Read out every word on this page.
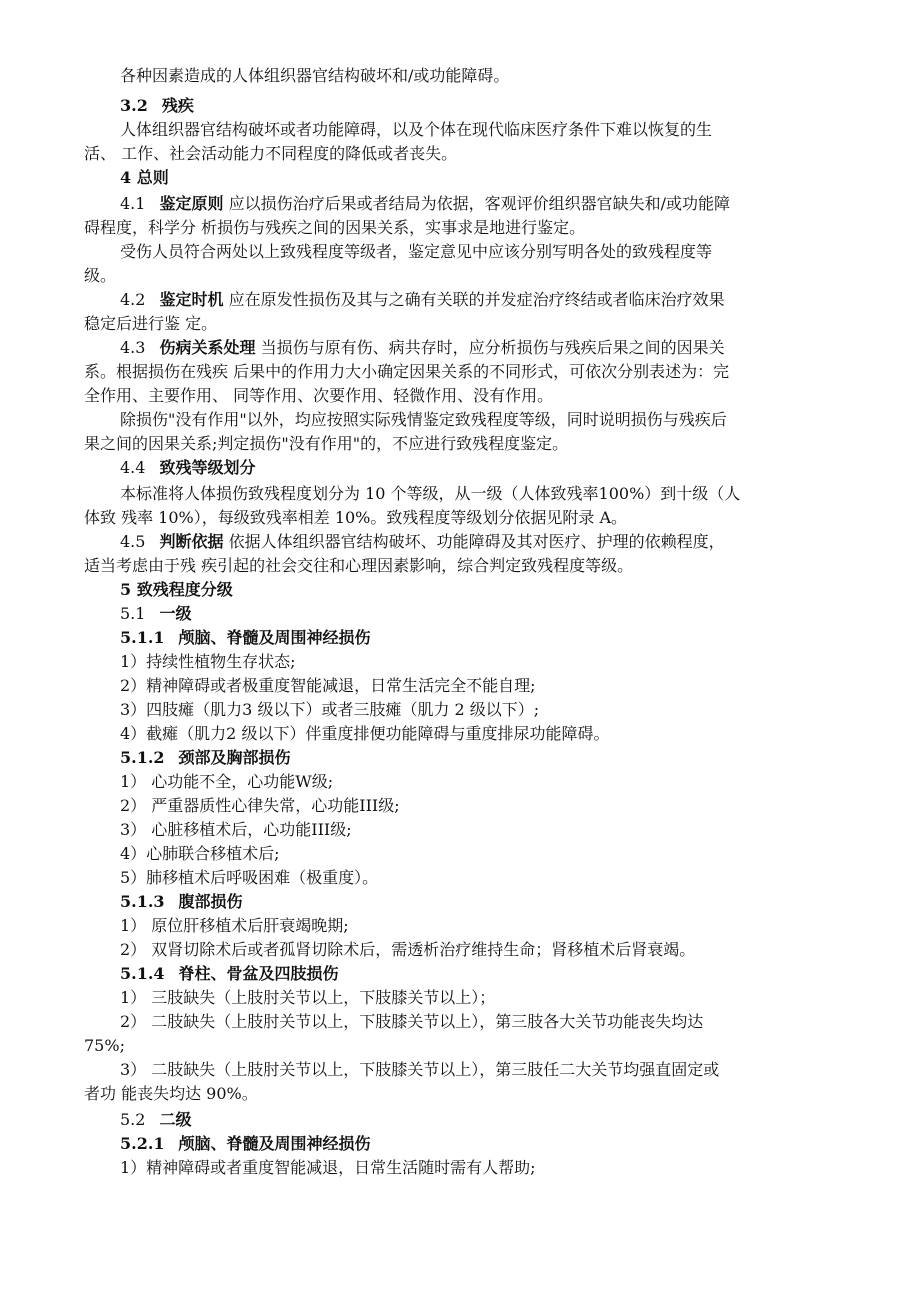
各种因素造成的人体组织器官结构破坏和/或功能障碍。
3.2 残疾
人体组织器官结构破坏或者功能障碍，以及个体在现代临床医疗条件下难以恢复的生
活、 工作、社会活动能力不同程度的降低或者丧失。
4 总则
4.1 鉴定原则 应以损伤治疗后果或者结局为依据，客观评价组织器官缺失和/或功能障
碍程度，科学分 析损伤与残疾之间的因果关系，实事求是地进行鉴定。
受伤人员符合两处以上致残程度等级者，鉴定意见中应该分别写明各处的致残程度等
级。
4.2 鉴定时机 应在原发性损伤及其与之确有关联的并发症治疗终结或者临床治疗效果
稳定后进行鉴 定。
4.3 伤病关系处理 当损伤与原有伤、病共存时，应分析损伤与残疾后果之间的因果关
系。根据损伤在残疾 后果中的作用力大小确定因果关系的不同形式，可依次分别表述为：完
全作用、主要作用、 同等作用、次要作用、轻微作用、没有作用。
除损伤"没有作用"以外，均应按照实际残情鉴定致残程度等级，同时说明损伤与残疾后
果之间的因果关系;判定损伤"没有作用"的，不应进行致残程度鉴定。
4.4 致残等级划分
本标准将人体损伤致残程度划分为 10 个等级，从一级（人体致残率100%）到十级（人
体致 残率 10%），每级致残率相差 10%。致残程度等级划分依据见附录 A。
4.5 判断依据 依据人体组织器官结构破坏、功能障碍及其对医疗、护理的依赖程度，
适当考虑由于残 疾引起的社会交往和心理因素影响，综合判定致残程度等级。
5 致残程度分级
5.1 一级
5.1.1 颅脑、脊髓及周围神经损伤
1）持续性植物生存状态;
2）精神障碍或者极重度智能减退，日常生活完全不能自理;
3）四肢瘫（肌力3 级以下）或者三肢瘫（肌力 2 级以下）;
4）截瘫（肌力2 级以下）伴重度排便功能障碍与重度排尿功能障碍。
5.1.2 颈部及胸部损伤
1） 心功能不全，心功能W级;
2） 严重器质性心律失常，心功能III级;
3） 心脏移植术后，心功能III级;
4）心肺联合移植术后;
5）肺移植术后呼吸困难（极重度）。
5.1.3 腹部损伤
1） 原位肝移植术后肝衰竭晚期;
2） 双肾切除术后或者孤肾切除术后，需透析治疗维持生命；肾移植术后肾衰竭。
5.1.4 脊柱、骨盆及四肢损伤
1） 三肢缺失（上肢肘关节以上，下肢膝关节以上）；
2） 二肢缺失（上肢肘关节以上，下肢膝关节以上），第三肢各大关节功能丧失均达
75%;
3） 二肢缺失（上肢肘关节以上，下肢膝关节以上），第三肢任二大关节均强直固定或
者功 能丧失均达 90%。
5.2 二级
5.2.1 颅脑、脊髓及周围神经损伤
1）精神障碍或者重度智能减退，日常生活随时需有人帮助;
